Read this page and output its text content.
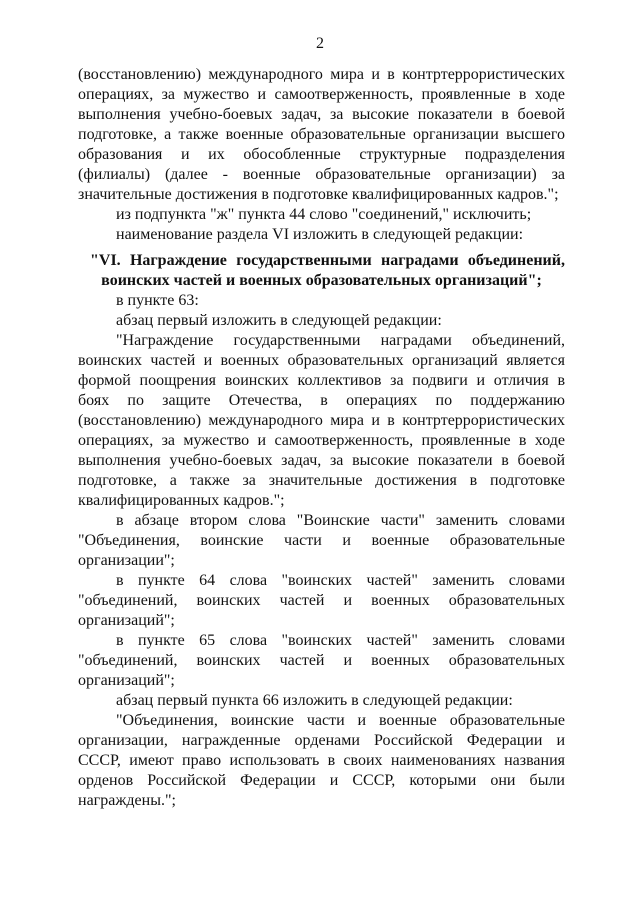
2
(восстановлению) международного мира и в контртеррористических
операциях, за мужество и самоотверженность, проявленные в ходе
выполнения учебно-боевых задач, за высокие показатели в боевой
подготовке, а также военные образовательные организации высшего
образования и их обособленные структурные подразделения
(филиалы) (далее - военные образовательные организации) за
значительные достижения в подготовке квалифицированных кадров.";
из подпункта "ж" пункта 44 слово "соединений," исключить;
наименование раздела VI изложить в следующей редакции:
"VI. Награждение государственными наградами объединений,
воинских частей и военных образовательных организаций";
в пункте 63:
абзац первый изложить в следующей редакции:
"Награждение государственными наградами объединений,
воинских частей и военных образовательных организаций является
формой поощрения воинских коллективов за подвиги и отличия в
боях по защите Отечества, в операциях по поддержанию
(восстановлению) международного мира и в контртеррористических
операциях, за мужество и самоотверженность, проявленные в ходе
выполнения учебно-боевых задач, за высокие показатели в боевой
подготовке, а также за значительные достижения в подготовке
квалифицированных кадров.";
в абзаце втором слова "Воинские части" заменить словами
"Объединения, воинские части и военные образовательные
организации";
в пункте 64 слова "воинских частей" заменить словами
"объединений, воинских частей и военных образовательных
организаций";
в пункте 65 слова "воинских частей" заменить словами
"объединений, воинских частей и военных образовательных
организаций";
абзац первый пункта 66 изложить в следующей редакции:
"Объединения, воинские части и военные образовательные
организации, награжденные орденами Российской Федерации и
СССР, имеют право использовать в своих наименованиях названия
орденов Российской Федерации и СССР, которыми они были
награждены.";
